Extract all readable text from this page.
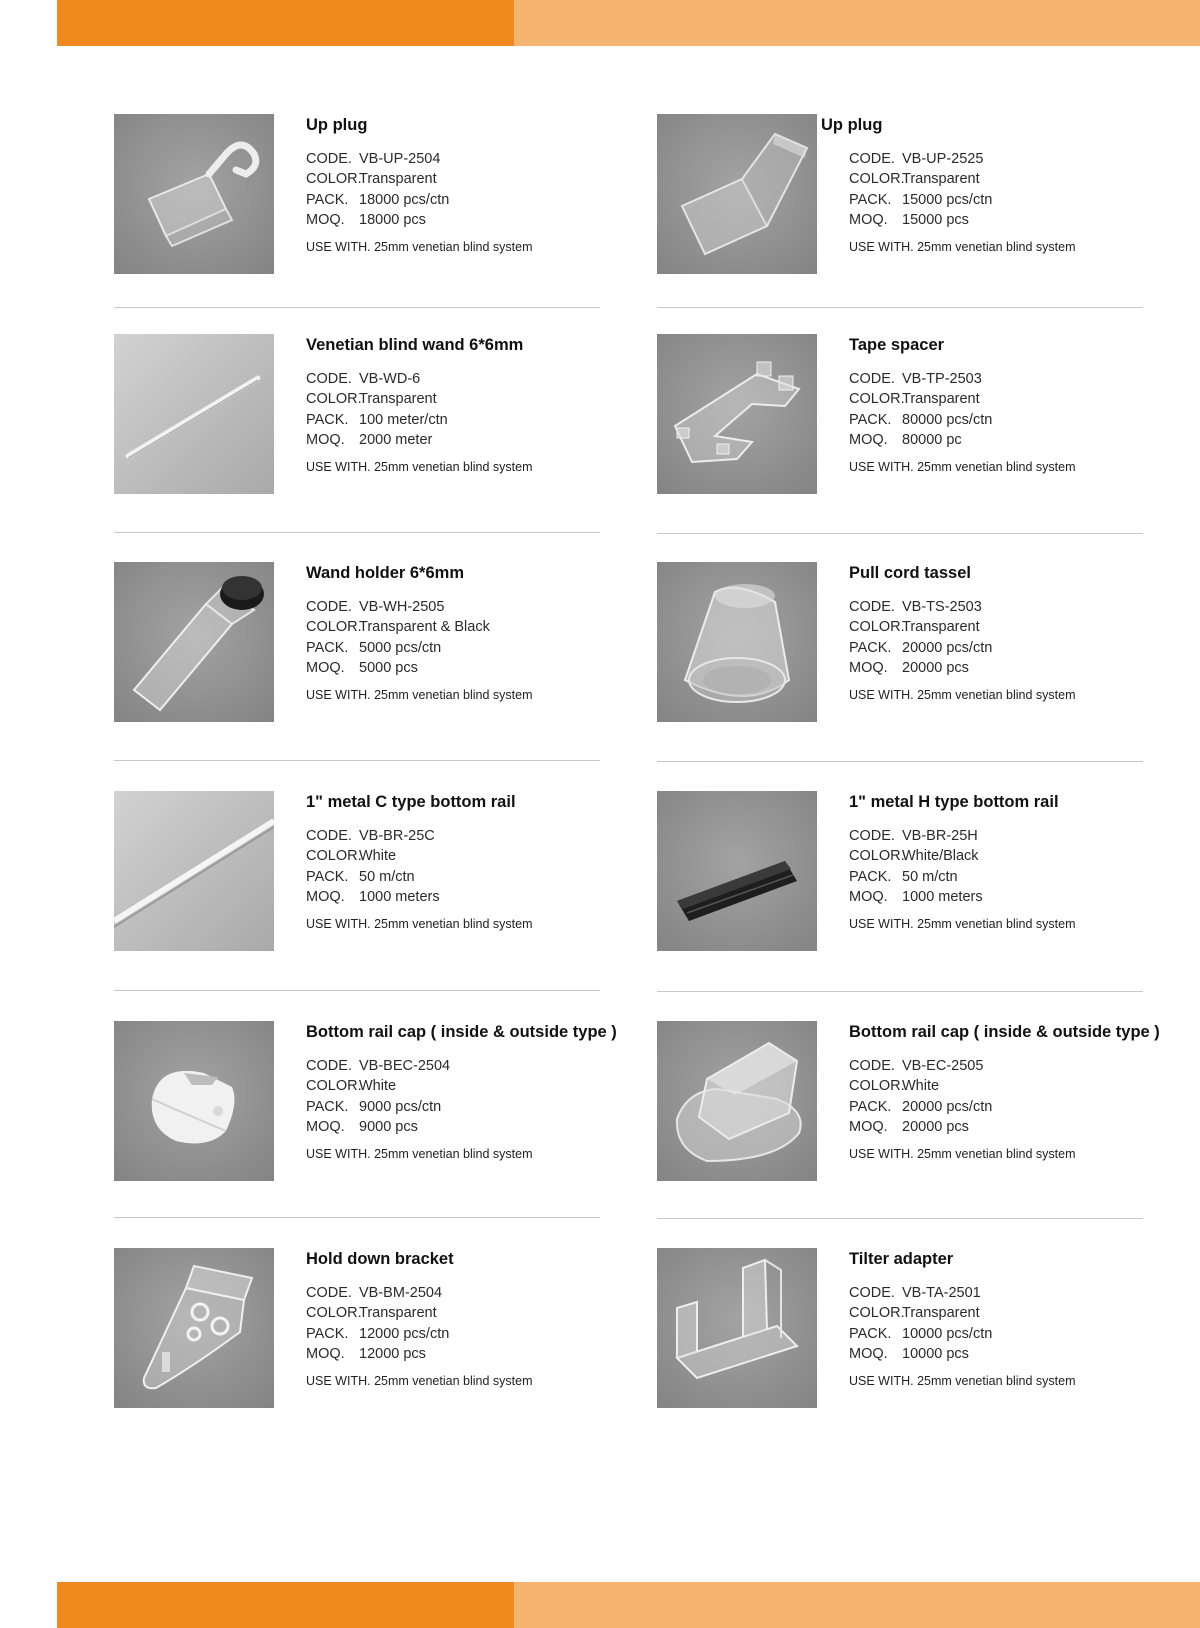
Up plug
CODE. VB-UP-2504
COLOR.
Transparent
PACK. 18000 pcs/ctn
MOQ. 18000 pcs
USE WITH. 25mm venetian blind system
Up plug
CODE. VB-UP-2525
COLOR.
Transparent
PACK. 15000 pcs/ctn
MOQ. 15000 pcs
USE WITH. 25mm venetian blind system
Venetian blind wand 6*6mm
CODE. VB-WD-6
COLOR.
Transparent
PACK. 100 meter/ctn
MOQ. 2000 meter
USE WITH. 25mm venetian blind system
Tape spacer
CODE. VB-TP-2503
COLOR.
Transparent
PACK. 80000 pcs/ctn
MOQ. 80000 pc
USE WITH. 25mm venetian blind system
Wand holder 6*6mm
CODE. VB-WH-2505
COLOR.
Transparent & Black
PACK. 5000 pcs/ctn
MOQ. 5000 pcs
USE WITH. 25mm venetian blind system
Pull cord tassel
CODE. VB-TS-2503
COLOR.
Transparent
PACK. 20000 pcs/ctn
MOQ. 20000 pcs
USE WITH. 25mm venetian blind system
1" metal C type bottom rail
CODE. VB-BR-25C
COLOR.
White
PACK. 50 m/ctn
MOQ. 1000 meters
USE WITH. 25mm venetian blind system
1" metal H type bottom rail
CODE. VB-BR-25H
COLOR.
White/Black
PACK. 50 m/ctn
MOQ. 1000 meters
USE WITH. 25mm venetian blind system
Bottom rail cap ( inside & outside type )
CODE. VB-BEC-2504
COLOR.
White
PACK. 9000 pcs/ctn
MOQ. 9000 pcs
USE WITH. 25mm venetian blind system
Bottom rail cap ( inside & outside type )
CODE. VB-EC-2505
COLOR.
White
PACK. 20000 pcs/ctn
MOQ. 20000 pcs
USE WITH. 25mm venetian blind system
Hold down bracket
CODE. VB-BM-2504
COLOR.
Transparent
PACK. 12000 pcs/ctn
MOQ. 12000 pcs
USE WITH. 25mm venetian blind system
Tilter adapter
CODE. VB-TA-2501
COLOR.
Transparent
PACK. 10000 pcs/ctn
MOQ. 10000 pcs
USE WITH. 25mm venetian blind system
